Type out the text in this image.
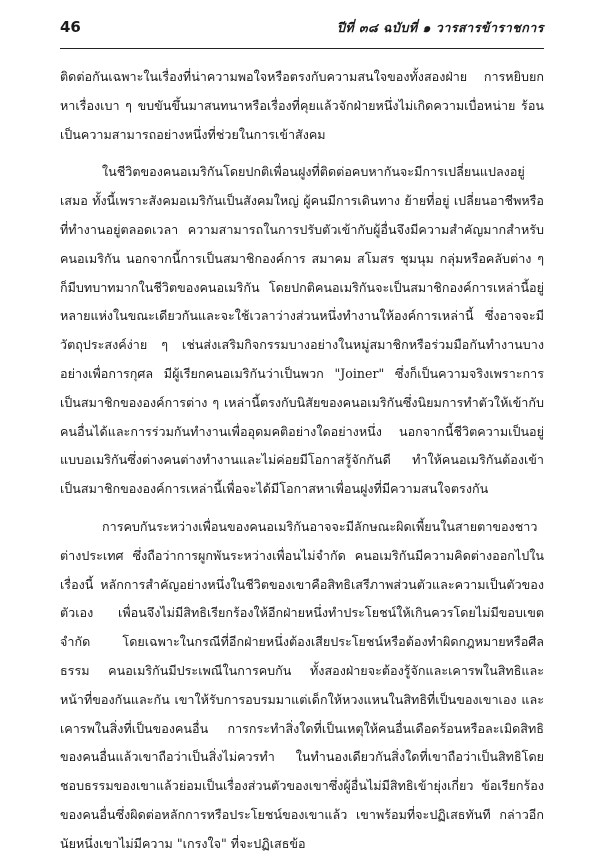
46	ปีที่ ๓๘ ฉบับที่ ๑ วารสารข้าราชการ

ติดต่อกันเฉพาะในเรื่องที่น่าความพอใจหรือตรงกับความสนใจของทั้งสองฝ่าย การหยิบยกหาเรื่องเบา ๆ ขบขันขึ้นมาสนทนาหรือเรื่องที่คุยแล้วจักฝ่ายหนึ่งไม่เกิดความเบื่อหน่าย ร้อนเป็นความสามารถอย่างหนึ่งที่ช่วยในการเข้าสังคม

ในชีวิตของคนอเมริกันโดยปกติเพื่อนฝูงที่ติดต่อคบหากันจะมีการเปลี่ยนแปลงอยู่เสมอ ทั้งนี้เพราะสังคมอเมริกันเป็นสังคมใหญ่ ผู้คนมีการเดินทาง ย้ายที่อยู่ เปลี่ยนอาชีพหรือที่ทำงานอยู่ตลอดเวลา ความสามารถในการปรับตัวเข้ากับผู้อื่นจึงมีความสำคัญมากสำหรับคนอเมริกัน นอกจากนี้การเป็นสมาชิกองค์การ สมาคม สโมสร ชุมนุม กลุ่มหรือคลับต่าง ๆ ก็มีบทบาทมากในชีวิตของคนอเมริกัน โดยปกติคนอเมริกันจะเป็นสมาชิกองค์การเหล่านี้อยู่หลายแห่งในขณะเดียวกันและจะใช้เวลาว่างส่วนหนึ่งทำงานให้องค์การเหล่านี้ ซึ่งอาจจะมีวัตถุประสงค์ง่าย ๆ เช่นส่งเสริมกิจกรรมบางอย่างในหมู่สมาชิกหรือร่วมมือกันทำงานบางอย่างเพื่อการกุศล มีผู้เรียกคนอเมริกันว่าเป็นพวก "Joiner" ซึ่งก็เป็นความจริงเพราะการเป็นสมาชิกขององค์การต่าง ๆ เหล่านี้ตรงกับนิสัยของคนอเมริกันซึ่งนิยมการทำตัวให้เข้ากับคนอื่นได้และการร่วมกันทำงานเพื่ออุดมคติอย่างใดอย่างหนึ่ง นอกจากนี้ชีวิตความเป็นอยู่แบบอเมริกันซึ่งต่างคนต่างทำงานและไม่ค่อยมีโอกาสรู้จักกันดี ทำให้คนอเมริกันต้องเข้าเป็นสมาชิกขององค์การเหล่านี้เพื่อจะได้มีโอกาสหาเพื่อนฝูงที่มีความสนใจตรงกัน

การคบกันระหว่างเพื่อนของคนอเมริกันอาจจะมีลักษณะผิดเพี้ยนในสายตาของชาวต่างประเทศ ซึ่งถือว่าการผูกพันระหว่างเพื่อนไม่จำกัด คนอเมริกันมีความคิดต่างออกไปในเรื่องนี้ หลักการสำคัญอย่างหนึ่งในชีวิตของเขาคือสิทธิเสรีภาพส่วนตัวและความเป็นตัวของตัวเอง เพื่อนจึงไม่มีสิทธิเรียกร้องให้อีกฝ่ายหนึ่งทำประโยชน์ให้เกินควรโดยไม่มีขอบเขตจำกัด โดยเฉพาะในกรณีที่อีกฝ่ายหนึ่งต้องเสียประโยชน์หรือต้องทำผิดกฎหมายหรือศีลธรรม คนอเมริกันมีประเพณีในการคบกัน ทั้งสองฝ่ายจะต้องรู้จักและเคารพในสิทธิและหน้าที่ของกันและกัน เขาให้รับการอบรมมาแต่เด็กให้หวงแหนในสิทธิที่เป็นของเขาเอง และเคารพในสิ่งที่เป็นของคนอื่น การกระทำสิ่งใดที่เป็นเหตุให้คนอื่นเดือดร้อนหรือละเมิดสิทธิของคนอื่นแล้วเขาถือว่าเป็นสิ่งไม่ควรทำ ในทำนองเดียวกันสิ่งใดที่เขาถือว่าเป็นสิทธิโดยชอบธรรมของเขาแล้วย่อมเป็นเรื่องส่วนตัวของเขาซึ่งผู้อื่นไม่มีสิทธิเข้ายุ่งเกี่ยว ข้อเรียกร้องของคนอื่นซึ่งผิดต่อหลักการหรือประโยชน์ของเขาแล้ว เขาพร้อมที่จะปฏิเสธทันที กล่าวอีกนัยหนึ่งเขาไม่มีความ "เกรงใจ" ที่จะปฏิเสธข้อ
